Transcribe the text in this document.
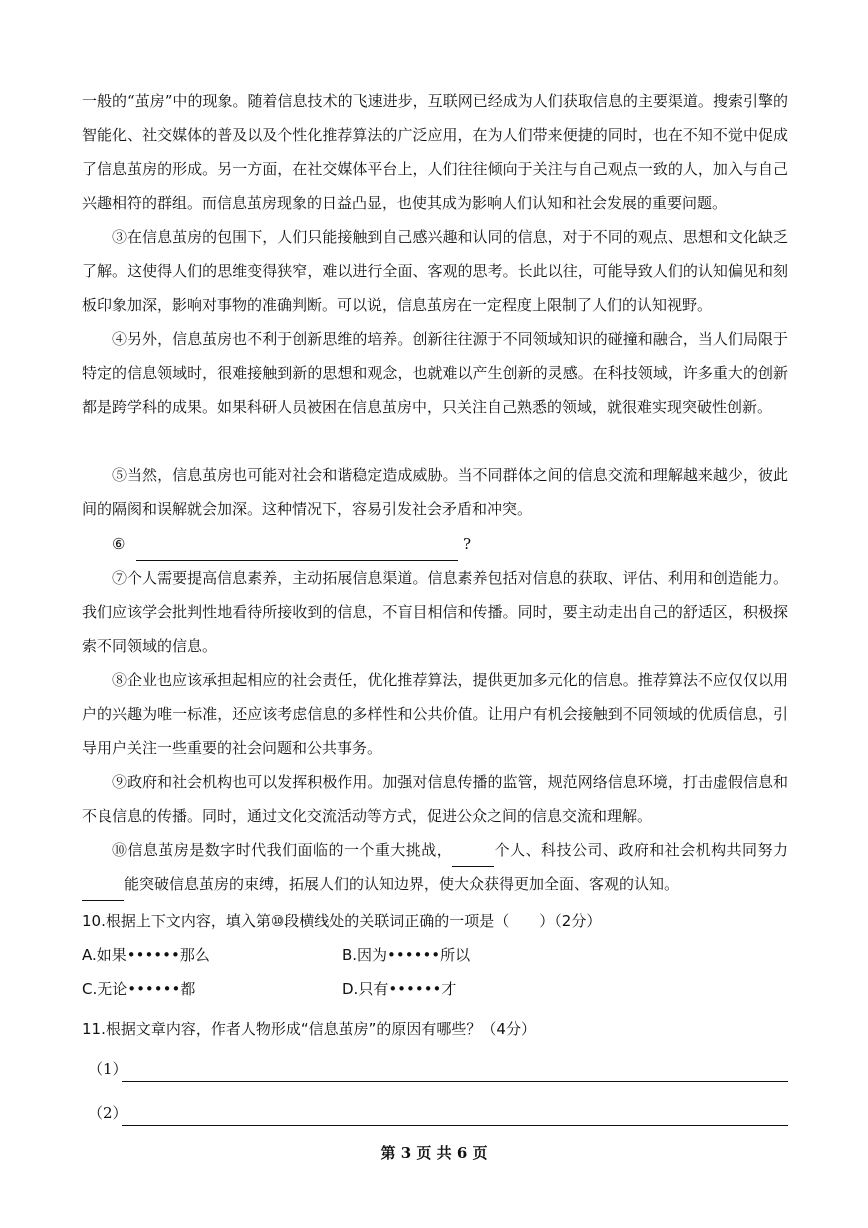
一般的“茧房”中的现象。随着信息技术的飞速进步，互联网已经成为人们获取信息的主要渠道。搜索引擎的智能化、社交媒体的普及以及个性化推荐算法的广泛应用，在为人们带来便捷的同时，也在不知不觉中促成了信息茧房的形成。另一方面，在社交媒体平台上，人们往往倾向于关注与自己观点一致的人，加入与自己兴趣相符的群组。而信息茧房现象的日益凸显，也使其成为影响人们认知和社会发展的重要问题。

③在信息茧房的包围下，人们只能接触到自己感兴趣和认同的信息，对于不同的观点、思想和文化缺乏了解。这使得人们的思维变得狭窄，难以进行全面、客观的思考。长此以往，可能导致人们的认知偏见和刻板印象加深，影响对事物的准确判断。可以说，信息茧房在一定程度上限制了人们的认知视野。

④另外，信息茧房也不利于创新思维的培养。创新往往源于不同领域知识的碰撞和融合，当人们局限于特定的信息领域时，很难接触到新的思想和观念，也就难以产生创新的灵感。在科技领域，许多重大的创新都是跨学科的成果。如果科研人员被困在信息茧房中，只关注自己熟悉的领域，就很难实现突破性创新。

⑤当然，信息茧房也可能对社会和谐稳定造成威胁。当不同群体之间的信息交流和理解越来越少，彼此间的隔阂和误解就会加深。这种情况下，容易引发社会矛盾和冲突。

⑥	?

⑦个人需要提高信息素养，主动拓展信息渠道。信息素养包括对信息的获取、评估、利用和创造能力。我们应该学会批判性地看待所接收到的信息，不盲目相信和传播。同时，要主动走出自己的舒适区，积极探索不同领域的信息。

⑧企业也应该承担起相应的社会责任，优化推荐算法，提供更加多元化的信息。推荐算法不应仅仅以用户的兴趣为唯一标准，还应该考虑信息的多样性和公共价值。让用户有机会接触到不同领域的优质信息，引导用户关注一些重要的社会问题和公共事务。

⑨政府和社会机构也可以发挥积极作用。加强对信息传播的监管，规范网络信息环境，打击虚假信息和不良信息的传播。同时，通过文化交流活动等方式，促进公众之间的信息交流和理解。

⑩信息茧房是数字时代我们面临的一个重大挑战，	个人、科技公司、政府和社会机构共同努力能突破信息茧房的束缚，拓展人们的认知边界，使大众获得更加全面、客观的认知。

10.根据上下文内容，填入第⑩段横线处的关联词正确的一项是（　　）（2分）

A.如果••••••那么	B.因为••••••所以
C.无论••••••都	D.只有••••••才

11.根据文章内容，作者人物形成“信息茧房”的原因有哪些？（4分）

（1）
（2）
第 3 页 共 6 页
